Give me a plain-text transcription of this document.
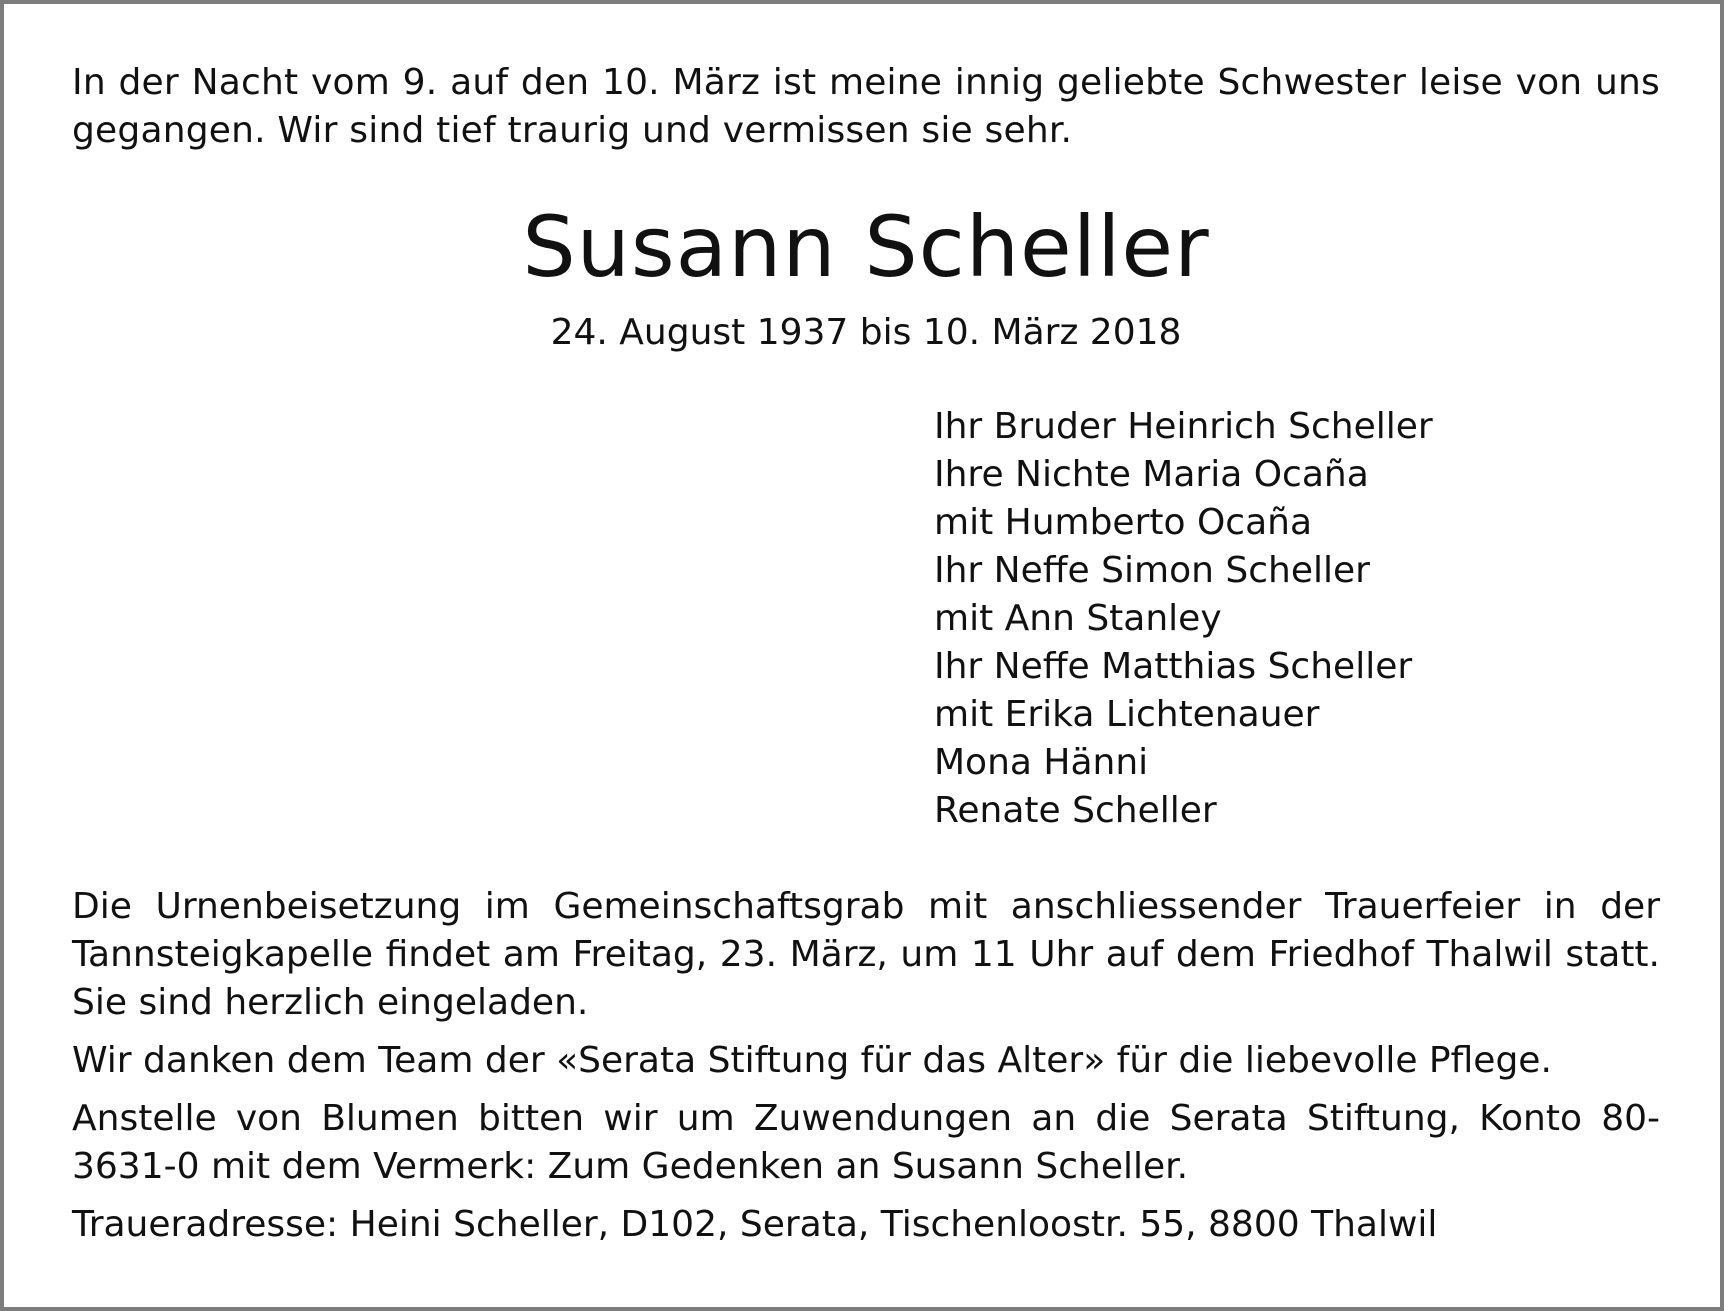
In der Nacht vom 9. auf den 10. März ist meine innig geliebte Schwester leise von uns gegangen. Wir sind tief traurig und vermissen sie sehr.

Susann Scheller

24. August 1937 bis 10. März 2018

Ihr Bruder Heinrich Scheller
Ihre Nichte Maria Ocaña
mit Humberto Ocaña
Ihr Neffe Simon Scheller
mit Ann Stanley
Ihr Neffe Matthias Scheller
mit Erika Lichtenauer
Mona Hänni
Renate Scheller

Die Urnenbeisetzung im Gemeinschaftsgrab mit anschliessender Trauerfeier in der Tannsteigkapelle findet am Freitag, 23. März, um 11 Uhr auf dem Friedhof Thalwil statt. Sie sind herzlich eingeladen.

Wir danken dem Team der «Serata Stiftung für das Alter» für die liebevolle Pflege.

Anstelle von Blumen bitten wir um Zuwendungen an die Serata Stiftung, Konto 80-3631-0 mit dem Vermerk: Zum Gedenken an Susann Scheller.

Traueradresse: Heini Scheller, D102, Serata, Tischenloostr. 55, 8800 Thalwil
